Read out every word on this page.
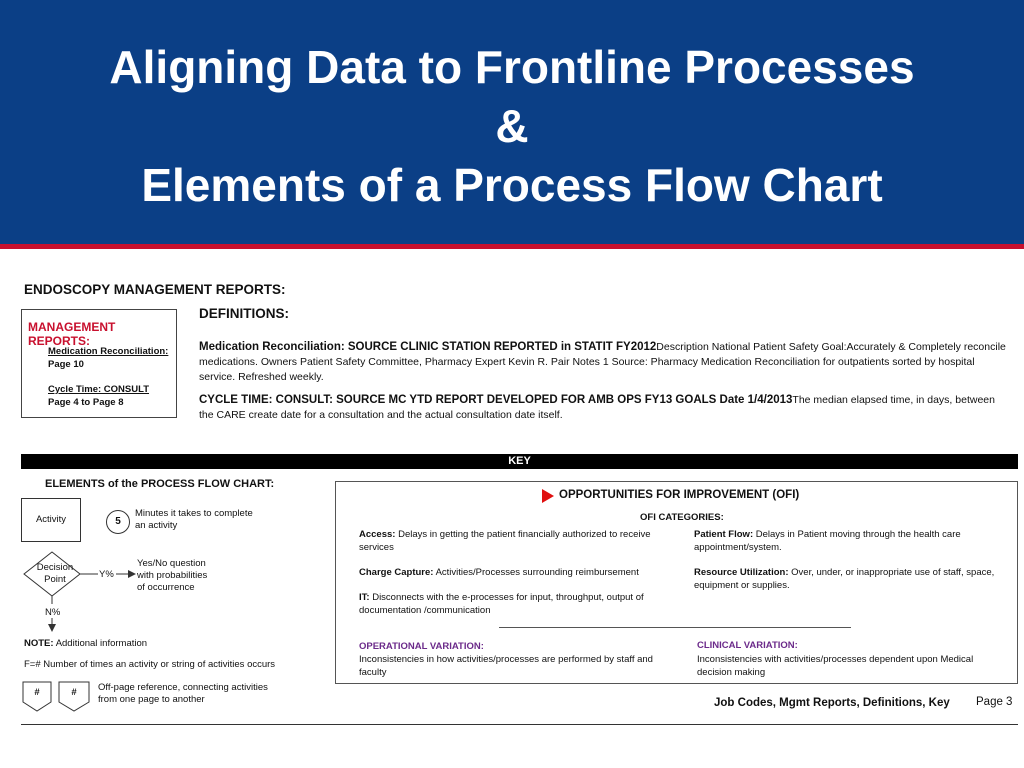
Aligning Data to Frontline Processes
&
Elements of a Process Flow Chart
ENDOSCOPY MANAGEMENT REPORTS:
MANAGEMENT REPORTS:
Medication Reconciliation:
Page 10
Cycle Time: CONSULT
Page 4 to Page 8
DEFINITIONS:
Medication Reconciliation: SOURCE CLINIC STATION REPORTED in STATIT FY2012Description National Patient Safety Goal:Accurately & Completely reconcile medications. Owners Patient Safety Committee, Pharmacy Expert Kevin R. Pair Notes 1 Source: Pharmacy Medication Reconciliation for outpatients sorted by hospital service. Refreshed weekly.
CYCLE TIME: CONSULT: SOURCE MC YTD REPORT DEVELOPED FOR AMB OPS FY13 GOALS Date 1/4/2013The median elapsed time, in days, between the CARE create date for a consultation and the actual consultation date itself.
KEY
ELEMENTS of the PROCESS FLOW CHART:
Activity	5
Minutes it takes to complete
an activity
Decision
Point	Y%
N%
Yes/No question
with probabilities
of occurrence
NOTE: Additional information
F=# Number of times an activity or string of activities occurs
#	#	Off-page reference, connecting activities
from one page to another
OPPORTUNITIES FOR IMPROVEMENT (OFI)
OFI CATEGORIES:
Access: Delays in getting the patient financially authorized to receive services
Charge Capture: Activities/Processes surrounding reimbursement
IT: Disconnects with the e-processes for input, throughput, output of documentation /communication
Patient Flow: Delays in Patient moving through the health care appointment/system.
Resource Utilization: Over, under, or inappropriate use of staff, space, equipment or supplies.
OPERATIONAL VARIATION:
Inconsistencies in how activities/processes are performed by staff and faculty
CLINICAL VARIATION:
Inconsistencies with activities/processes dependent upon Medical decision making
Job Codes, Mgmt Reports, Definitions, Key Page 3
